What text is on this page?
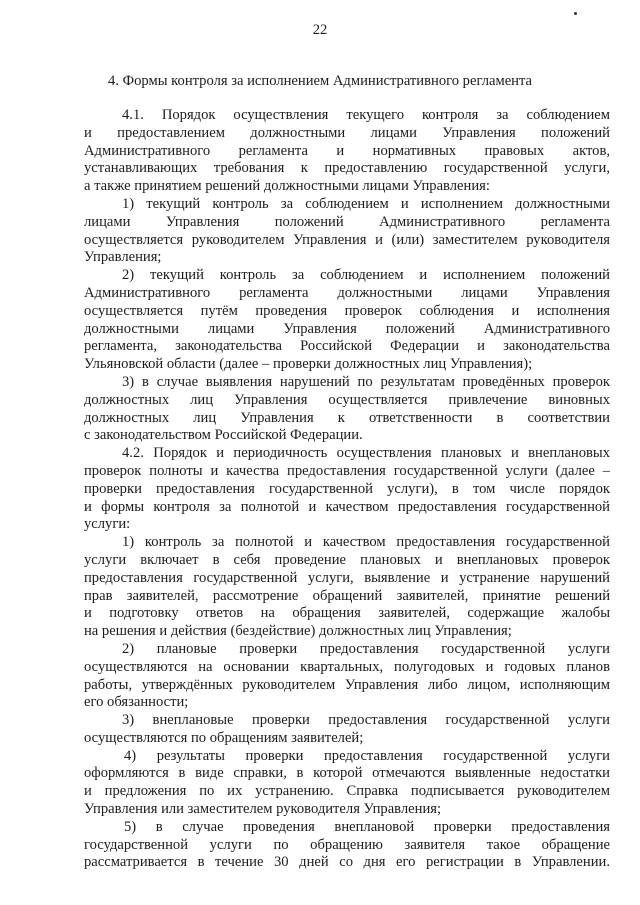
22
4. Формы контроля за исполнением Административного регламента
4.1. Порядок осуществления текущего контроля за соблюдением
и предоставлением должностными лицами Управления положений
Административного регламента и нормативных правовых актов,
устанавливающих требования к предоставлению государственной услуги,
а также принятием решений должностными лицами Управления:
1) текущий контроль за соблюдением и исполнением должностными
лицами Управления положений Административного регламента
осуществляется руководителем Управления и (или) заместителем руководителя
Управления;
2) текущий контроль за соблюдением и исполнением положений
Административного регламента должностными лицами Управления
осуществляется путём проведения проверок соблюдения и исполнения
должностными лицами Управления положений Административного
регламента, законодательства Российской Федерации и законодательства
Ульяновской области (далее – проверки должностных лиц Управления);
3) в случае выявления нарушений по результатам проведённых проверок
должностных лиц Управления осуществляется привлечение виновных
должностных лиц Управления к ответственности в соответствии
с законодательством Российской Федерации.
4.2. Порядок и периодичность осуществления плановых и внеплановых
проверок полноты и качества предоставления государственной услуги (далее –
проверки предоставления государственной услуги), в том числе порядок
и формы контроля за полнотой и качеством предоставления государственной
услуги:
1) контроль за полнотой и качеством предоставления государственной
услуги включает в себя проведение плановых и внеплановых проверок
предоставления государственной услуги, выявление и устранение нарушений
прав заявителей, рассмотрение обращений заявителей, принятие решений
и подготовку ответов на обращения заявителей, содержащие жалобы
на решения и действия (бездействие) должностных лиц Управления;
2) плановые проверки предоставления государственной услуги
осуществляются на основании квартальных, полугодовых и годовых планов
работы, утверждённых руководителем Управления либо лицом, исполняющим
его обязанности;
3) внеплановые проверки предоставления государственной услуги
осуществляются по обращениям заявителей;
4) результаты проверки предоставления государственной услуги
оформляются в виде справки, в которой отмечаются выявленные недостатки
и предложения по их устранению. Справка подписывается руководителем
Управления или заместителем руководителя Управления;
5) в случае проведения внеплановой проверки предоставления
государственной услуги по обращению заявителя такое обращение
рассматривается в течение 30 дней со дня его регистрации в Управлении.
